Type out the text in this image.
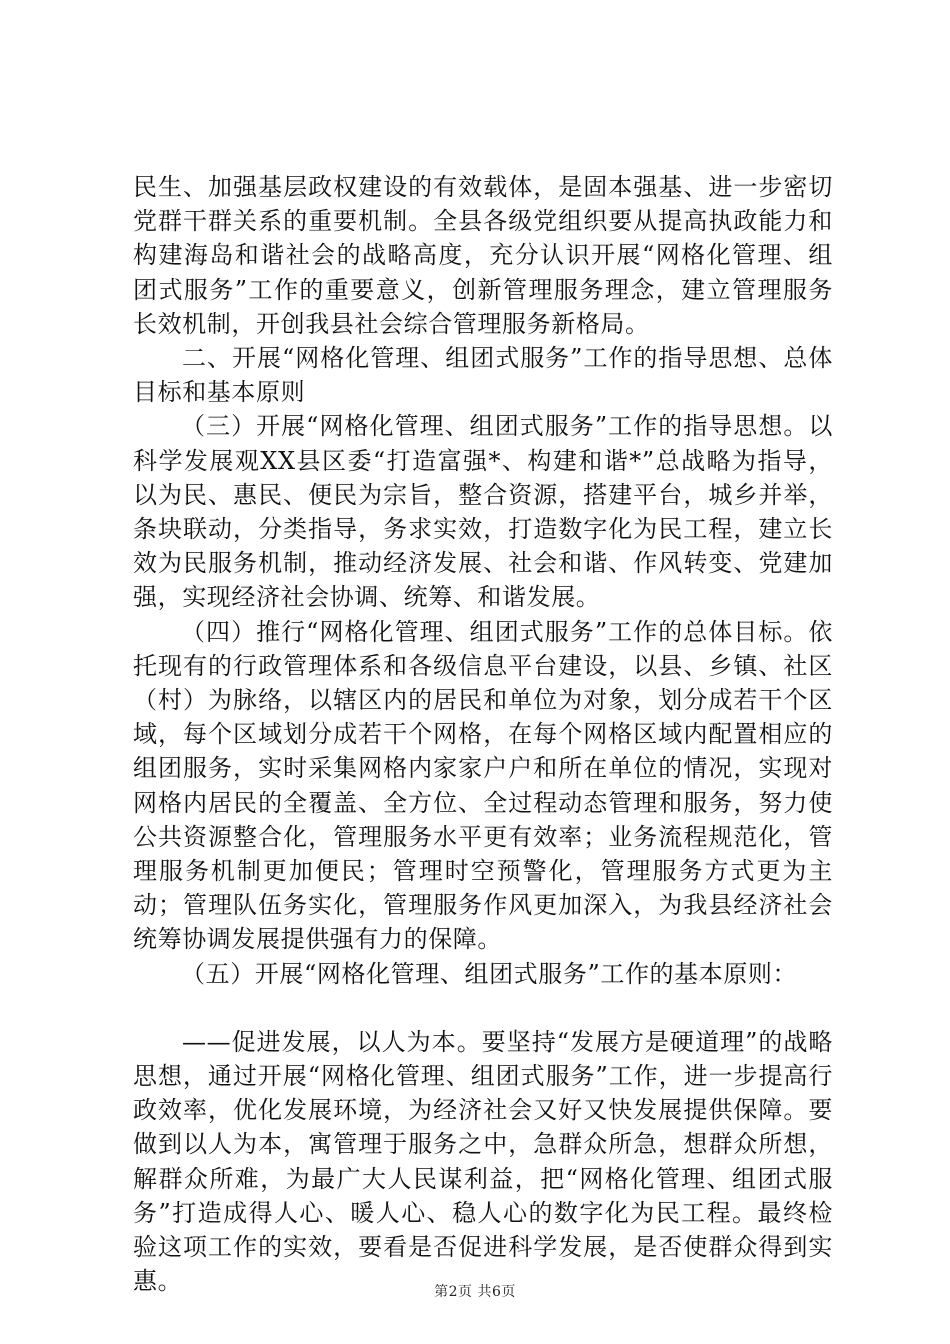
民生、加强基层政权建设的有效载体，是固本强基、进一步密切党群干群关系的重要机制。全县各级党组织要从提高执政能力和构建海岛和谐社会的战略高度，充分认识开展“网格化管理、组团式服务”工作的重要意义，创新管理服务理念，建立管理服务长效机制，开创我县社会综合管理服务新格局。

二、开展“网格化管理、组团式服务”工作的指导思想、总体目标和基本原则

（三）开展“网格化管理、组团式服务”工作的指导思想。以科学发展观XX县区委“打造富强*、构建和谐*”总战略为指导，以为民、惠民、便民为宗旨，整合资源，搭建平台，城乡并举，条块联动，分类指导，务求实效，打造数字化为民工程，建立长效为民服务机制，推动经济发展、社会和谐、作风转变、党建加强，实现经济社会协调、统筹、和谐发展。

（四）推行“网格化管理、组团式服务”工作的总体目标。依托现有的行政管理体系和各级信息平台建设，以县、乡镇、社区（村）为脉络，以辖区内的居民和单位为对象，划分成若干个区域，每个区域划分成若干个网格，在每个网格区域内配置相应的组团服务，实时采集网格内家家户户和所在单位的情况，实现对网格内居民的全覆盖、全方位、全过程动态管理和服务，努力使公共资源整合化，管理服务水平更有效率；业务流程规范化，管理服务机制更加便民；管理时空预警化，管理服务方式更为主动；管理队伍务实化，管理服务作风更加深入，为我县经济社会统筹协调发展提供强有力的保障。

（五）开展“网格化管理、组团式服务”工作的基本原则：

——促进发展，以人为本。要坚持“发展方是硬道理”的战略思想，通过开展“网格化管理、组团式服务”工作，进一步提高行政效率，优化发展环境，为经济社会又好又快发展提供保障。要做到以人为本，寓管理于服务之中，急群众所急，想群众所想，解群众所难，为最广大人民谋利益，把“网格化管理、组团式服务”打造成得人心、暖人心、稳人心的数字化为民工程。最终检验这项工作的实效，要看是否促进科学发展，是否使群众得到实惠。	第2页 共6页
